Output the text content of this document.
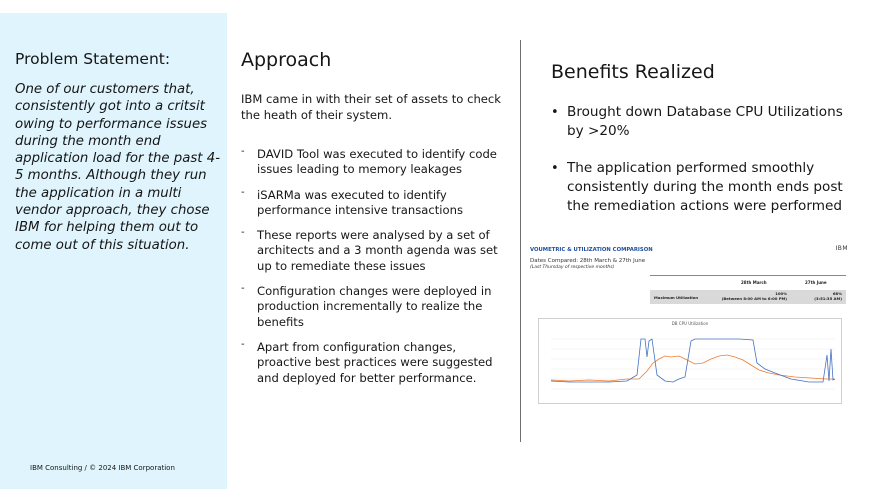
Problem Statement:
One of our customers that, consistently got into a critsit owing to performance issues during the month end application load for the past 4-5 months. Although they run the application in a multi vendor approach, they chose IBM for helping them out to come out of this situation.
IBM Consulting / © 2024 IBM Corporation
Approach
IBM came in with their set of assets to check the heath of their system.
- DAVID Tool was executed to identify code issues leading to memory leakages
- iSARMa was executed to identify performance intensive transactions
- These reports were analysed by a set of architects and a 3 month agenda was set up to remediate these issues
- Configuration changes were deployed in production incrementally to realize the benefits
- Apart from configuration changes, proactive best practices were suggested and deployed for better performance.
Benefits Realized
• Brought down Database CPU Utilizations by >20%
• The application performed smoothly consistently during the month ends post the remediation actions were performed
VOUMETRIC & UTILIZATION COMPARISON	IBM
Dates Compared: 28th March & 27th June
(Last Thursday of respective months)
28th March	27th June
Maximum Utilization
100%
(Between 8:00 AM to 6:00 PM)
68%
(3:51:35 AM)
DB CPU Utilization
